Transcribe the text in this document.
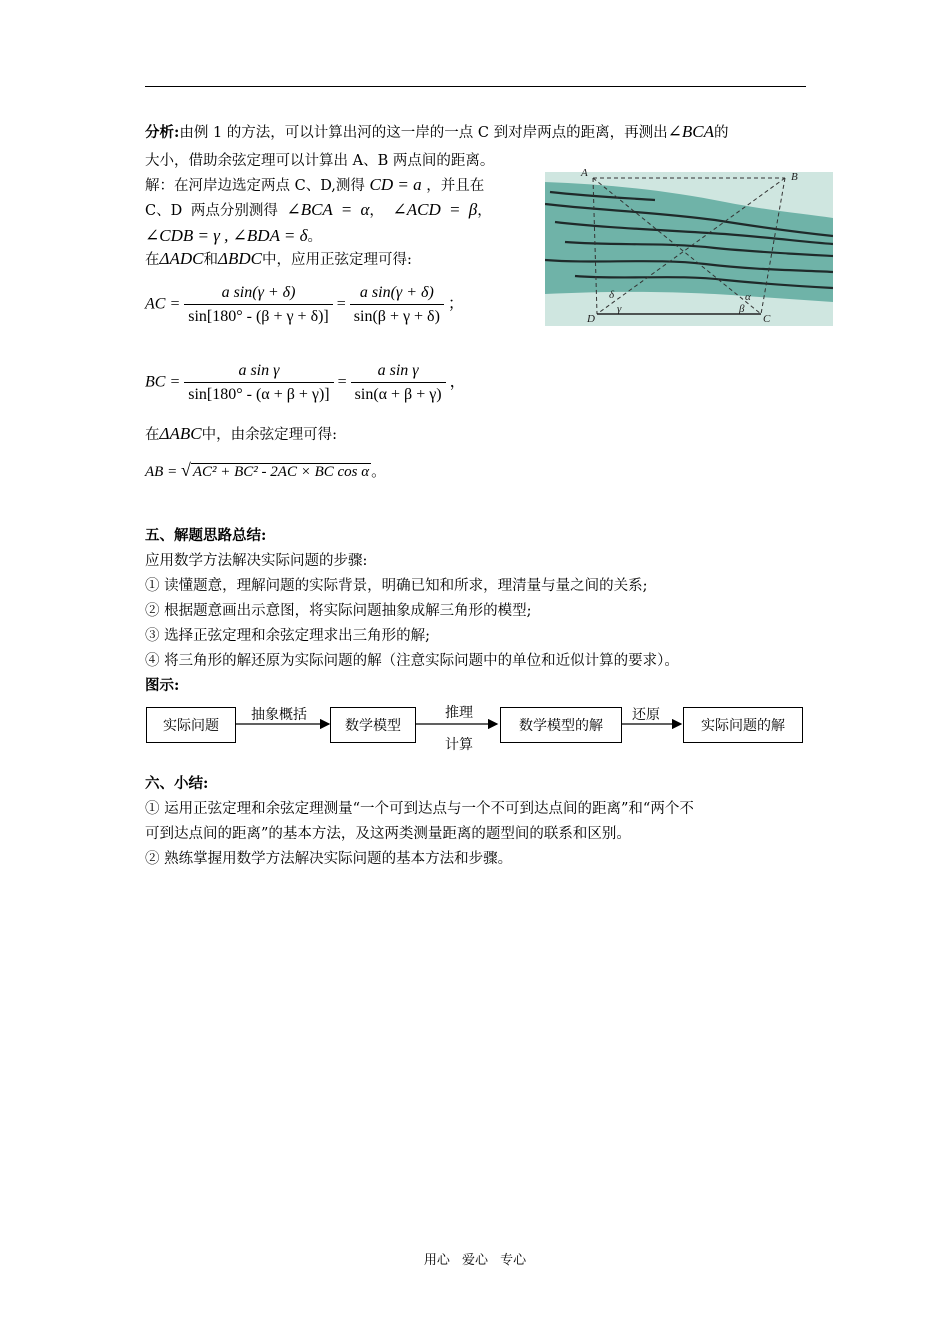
分析:由例 1 的方法，可以计算出河的这一岸的一点 C 到对岸两点的距离，再测出∠BCA的
大小，借助余弦定理可以计算出 A、B 两点间的距离。
解：在河岸边选定两点 C、D,测得 CD = a ，并且在
C、D 两点分别测得 ∠BCA = α， ∠ACD = β，
∠CDB = γ , ∠BDA = δ。
在ΔADC和ΔBDC中，应用正弦定理可得:
AC = $\frac{\text{a sin(γ + δ)}}{\sin[180^\circ - (\beta + \gamma + \delta)]} = \frac{\text{a sin(γ + δ)}}{\sin(\beta + \gamma + \delta)}$ ；
BC = $\frac{\text{a sin γ}}{\sin[180^\circ - (\alpha + \beta + \gamma)]} = \frac{\text{a sin γ}}{\sin(\alpha + \beta + \gamma)}$ ，
在ΔABC中，由余弦定理可得:
AB = √ AC² + BC² - 2AC × BC cos α 。
A	B
C
D
α
β
γ
δ
五、解题思路总结:
应用数学方法解决实际问题的步骤:
① 读懂题意，理解问题的实际背景，明确已知和所求，理清量与量之间的关系;
② 根据题意画出示意图，将实际问题抽象成解三角形的模型;
③ 选择正弦定理和余弦定理求出三角形的解;
④ 将三角形的解还原为实际问题的解（注意实际问题中的单位和近似计算的要求）。
图示:
实际问题
抽象概括
数学模型
推理
计算
数学模型的解
还原
实际问题的解
六、小结:
① 运用正弦定理和余弦定理测量“一个可到达点与一个不可到达点间的距离”和“两个不
可到达点间的距离”的基本方法，及这两类测量距离的题型间的联系和区别。
② 熟练掌握用数学方法解决实际问题的基本方法和步骤。
用心 爱心 专心
